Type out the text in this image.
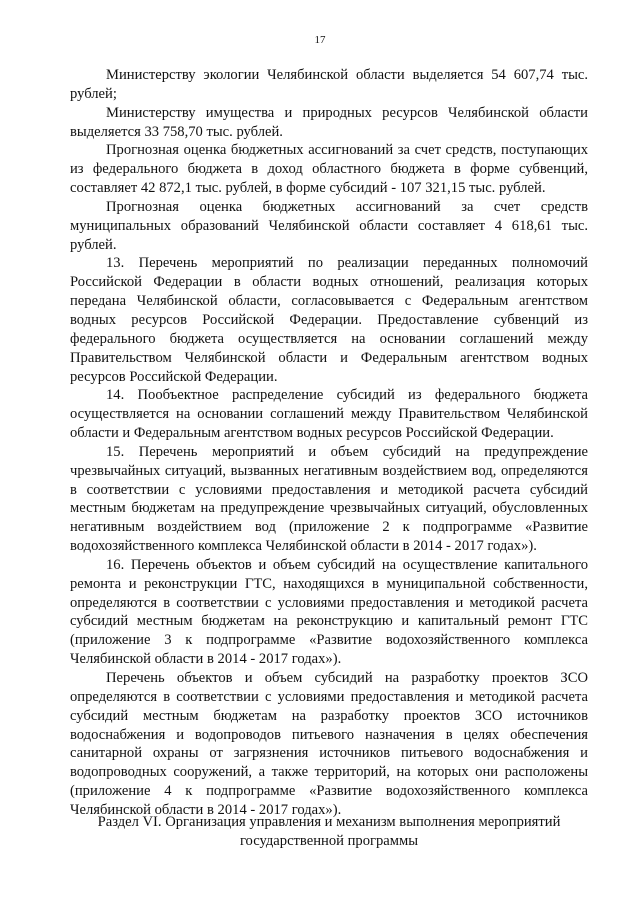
17

Министерству экологии Челябинской области выделяется 54 607,74 тыс. рублей;

Министерству имущества и природных ресурсов Челябинской области выделяется 33 758,70 тыс. рублей.

Прогнозная оценка бюджетных ассигнований за счет средств, поступающих из федерального бюджета в доход областного бюджета в форме субвенций, составляет 42 872,1 тыс. рублей, в форме субсидий - 107 321,15 тыс. рублей.

Прогнозная оценка бюджетных ассигнований за счет средств муниципальных образований Челябинской области составляет 4 618,61 тыс. рублей.

13. Перечень мероприятий по реализации переданных полномочий Российской Федерации в области водных отношений, реализация которых передана Челябинской области, согласовывается с Федеральным агентством водных ресурсов Российской Федерации. Предоставление субвенций из федерального бюджета осуществляется на основании соглашений между Правительством Челябинской области и Федеральным агентством водных ресурсов Российской Федерации.

14. Пообъектное распределение субсидий из федерального бюджета осуществляется на основании соглашений между Правительством Челябинской области и Федеральным агентством водных ресурсов Российской Федерации.

15. Перечень мероприятий и объем субсидий на предупреждение чрезвычайных ситуаций, вызванных негативным воздействием вод, определяются в соответствии с условиями предоставления и методикой расчета субсидий местным бюджетам на предупреждение чрезвычайных ситуаций, обусловленных негативным воздействием вод (приложение 2 к подпрограмме «Развитие водохозяйственного комплекса Челябинской области в 2014 - 2017 годах»).

16. Перечень объектов и объем субсидий на осуществление капитального ремонта и реконструкции ГТС, находящихся в муниципальной собственности, определяются в соответствии с условиями предоставления и методикой расчета субсидий местным бюджетам на реконструкцию и капитальный ремонт ГТС (приложение 3 к подпрограмме «Развитие водохозяйственного комплекса Челябинской области в 2014 - 2017 годах»).

Перечень объектов и объем субсидий на разработку проектов ЗСО определяются в соответствии с условиями предоставления и методикой расчета субсидий местным бюджетам на разработку проектов ЗСО источников водоснабжения и водопроводов питьевого назначения в целях обеспечения санитарной охраны от загрязнения источников питьевого водоснабжения и водопроводных сооружений, а также территорий, на которых они расположены (приложение 4 к подпрограмме «Развитие водохозяйственного комплекса Челябинской области в 2014 - 2017 годах»).

Раздел VI. Организация управления и механизм выполнения мероприятий

государственной программы
